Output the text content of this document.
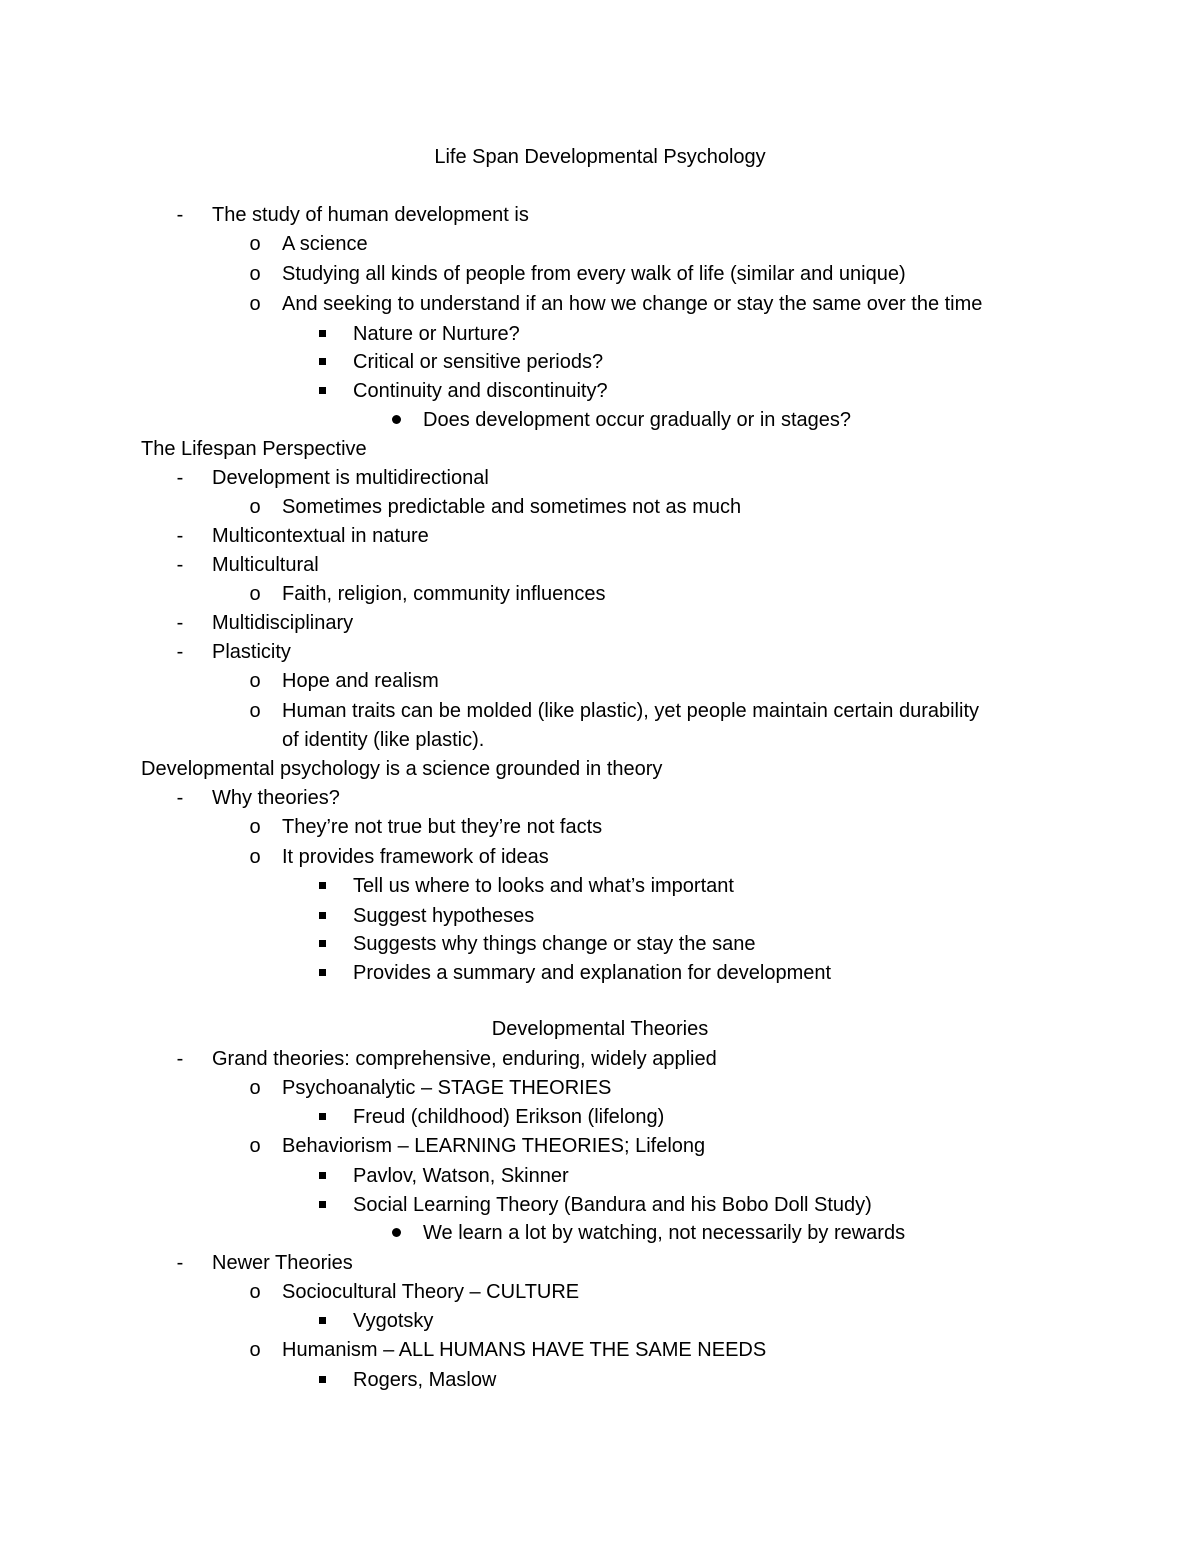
Life Span Developmental Psychology
-	The study of human development is
o A science
o Studying all kinds of people from every walk of life (similar and unique)
o And seeking to understand if an how we change or stay the same over the time
Nature or Nurture?
Critical or sensitive periods?
Continuity and discontinuity?
Does development occur gradually or in stages?
The Lifespan Perspective
-	Development is multidirectional
o Sometimes predictable and sometimes not as much
-	Multicontextual in nature
-	Multicultural
o Faith, religion, community influences
-	Multidisciplinary
-	Plasticity
o Hope and realism
o Human traits can be molded (like plastic), yet people maintain certain durability
of identity (like plastic).
Developmental psychology is a science grounded in theory
-	Why theories?
o They’re not true but they’re not facts
o It provides framework of ideas
Tell us where to looks and what’s important
Suggest hypotheses
Suggests why things change or stay the sane
Provides a summary and explanation for development
Developmental Theories
-	Grand theories: comprehensive, enduring, widely applied
o Psychoanalytic – STAGE THEORIES
Freud (childhood) Erikson (lifelong)
o Behaviorism – LEARNING THEORIES; Lifelong
Pavlov, Watson, Skinner
Social Learning Theory (Bandura and his Bobo Doll Study)
We learn a lot by watching, not necessarily by rewards
-	Newer Theories
o Sociocultural Theory – CULTURE
Vygotsky
o Humanism – ALL HUMANS HAVE THE SAME NEEDS
Rogers, Maslow
